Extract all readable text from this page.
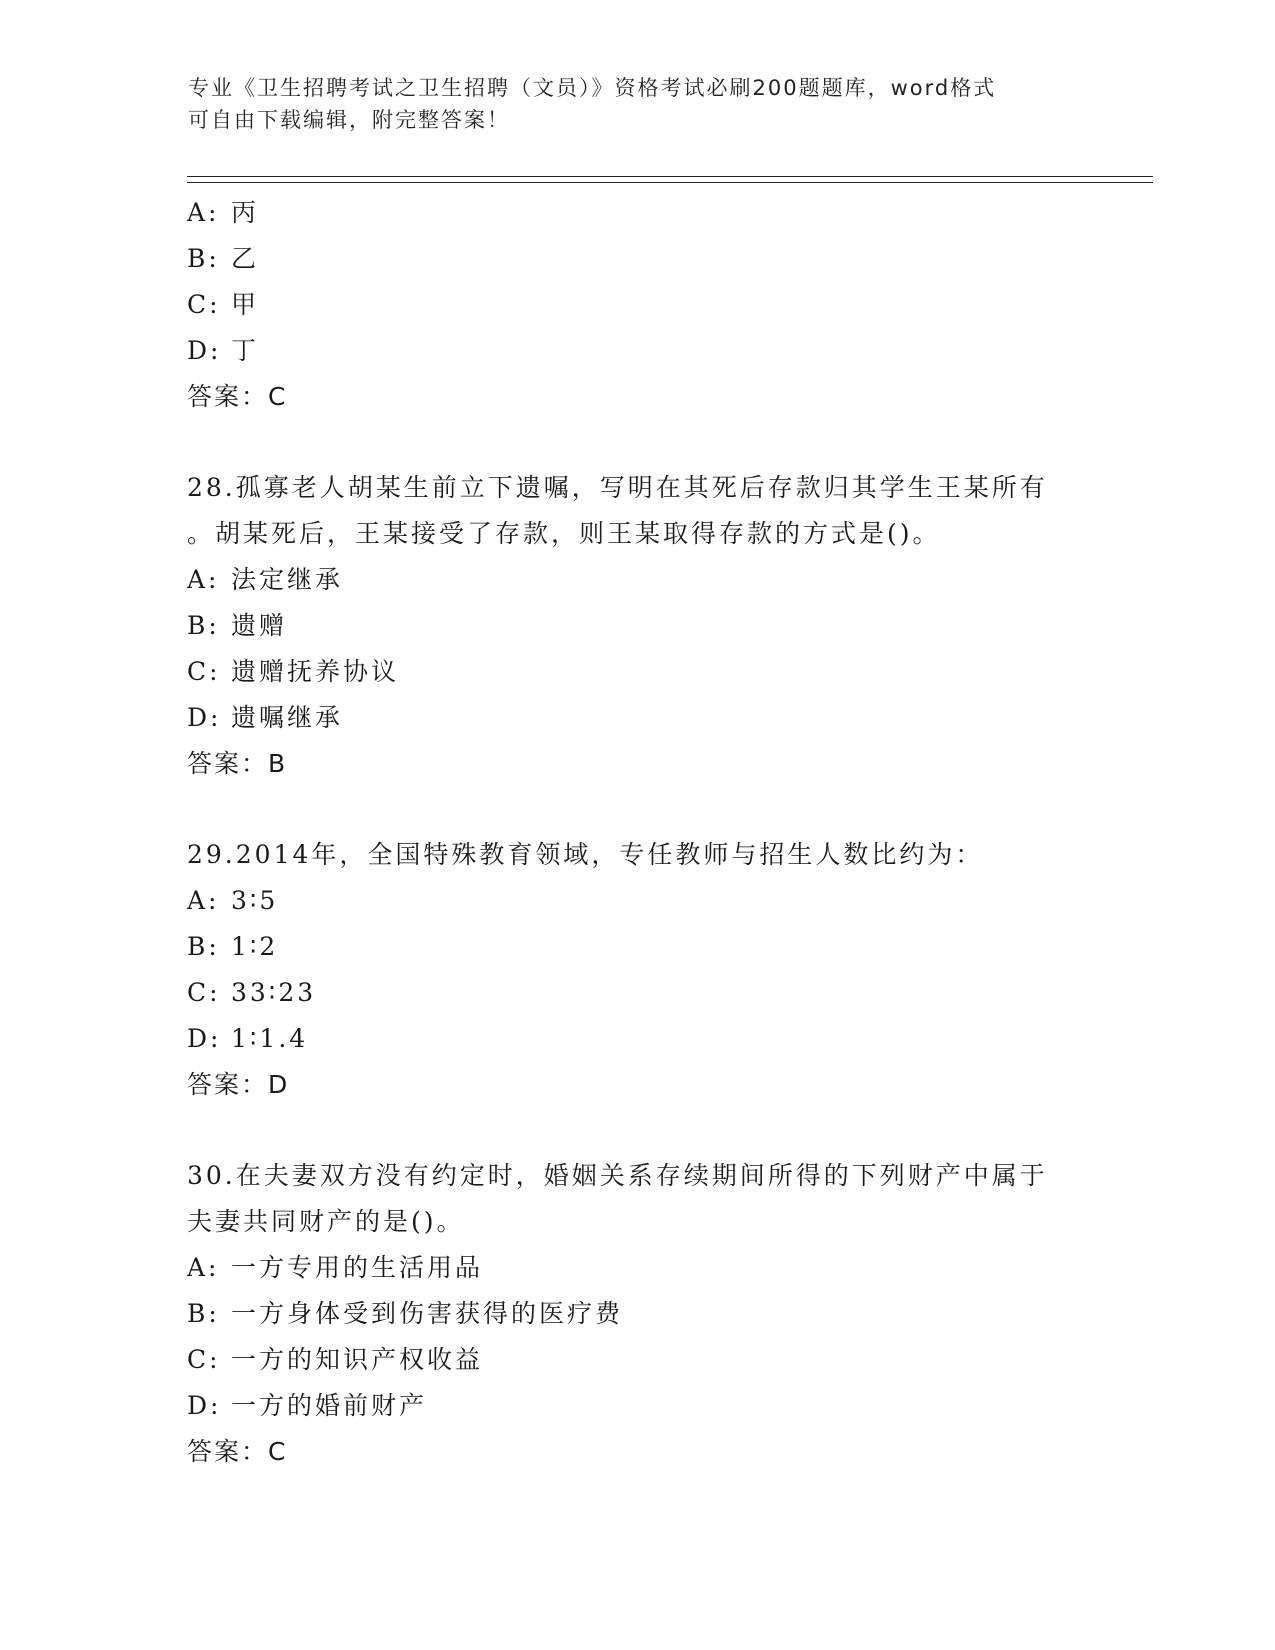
专业《卫生招聘考试之卫生招聘（文员）》资格考试必刷200题题库，word格式
可自由下载编辑，附完整答案！
A: 丙
B: 乙
C: 甲
D: 丁
答案：C
28.孤寡老人胡某生前立下遗嘱，写明在其死后存款归其学生王某所有
。胡某死后，王某接受了存款，则王某取得存款的方式是()。
A: 法定继承
B: 遗赠
C: 遗赠抚养协议
D: 遗嘱继承
答案：B
29.2014年，全国特殊教育领域，专任教师与招生人数比约为：
A: 3∶5
B: 1∶2
C: 33∶23
D: 1∶1.4
答案：D
30.在夫妻双方没有约定时，婚姻关系存续期间所得的下列财产中属于
夫妻共同财产的是()。
A: 一方专用的生活用品
B: 一方身体受到伤害获得的医疗费
C: 一方的知识产权收益
D: 一方的婚前财产
答案：C
